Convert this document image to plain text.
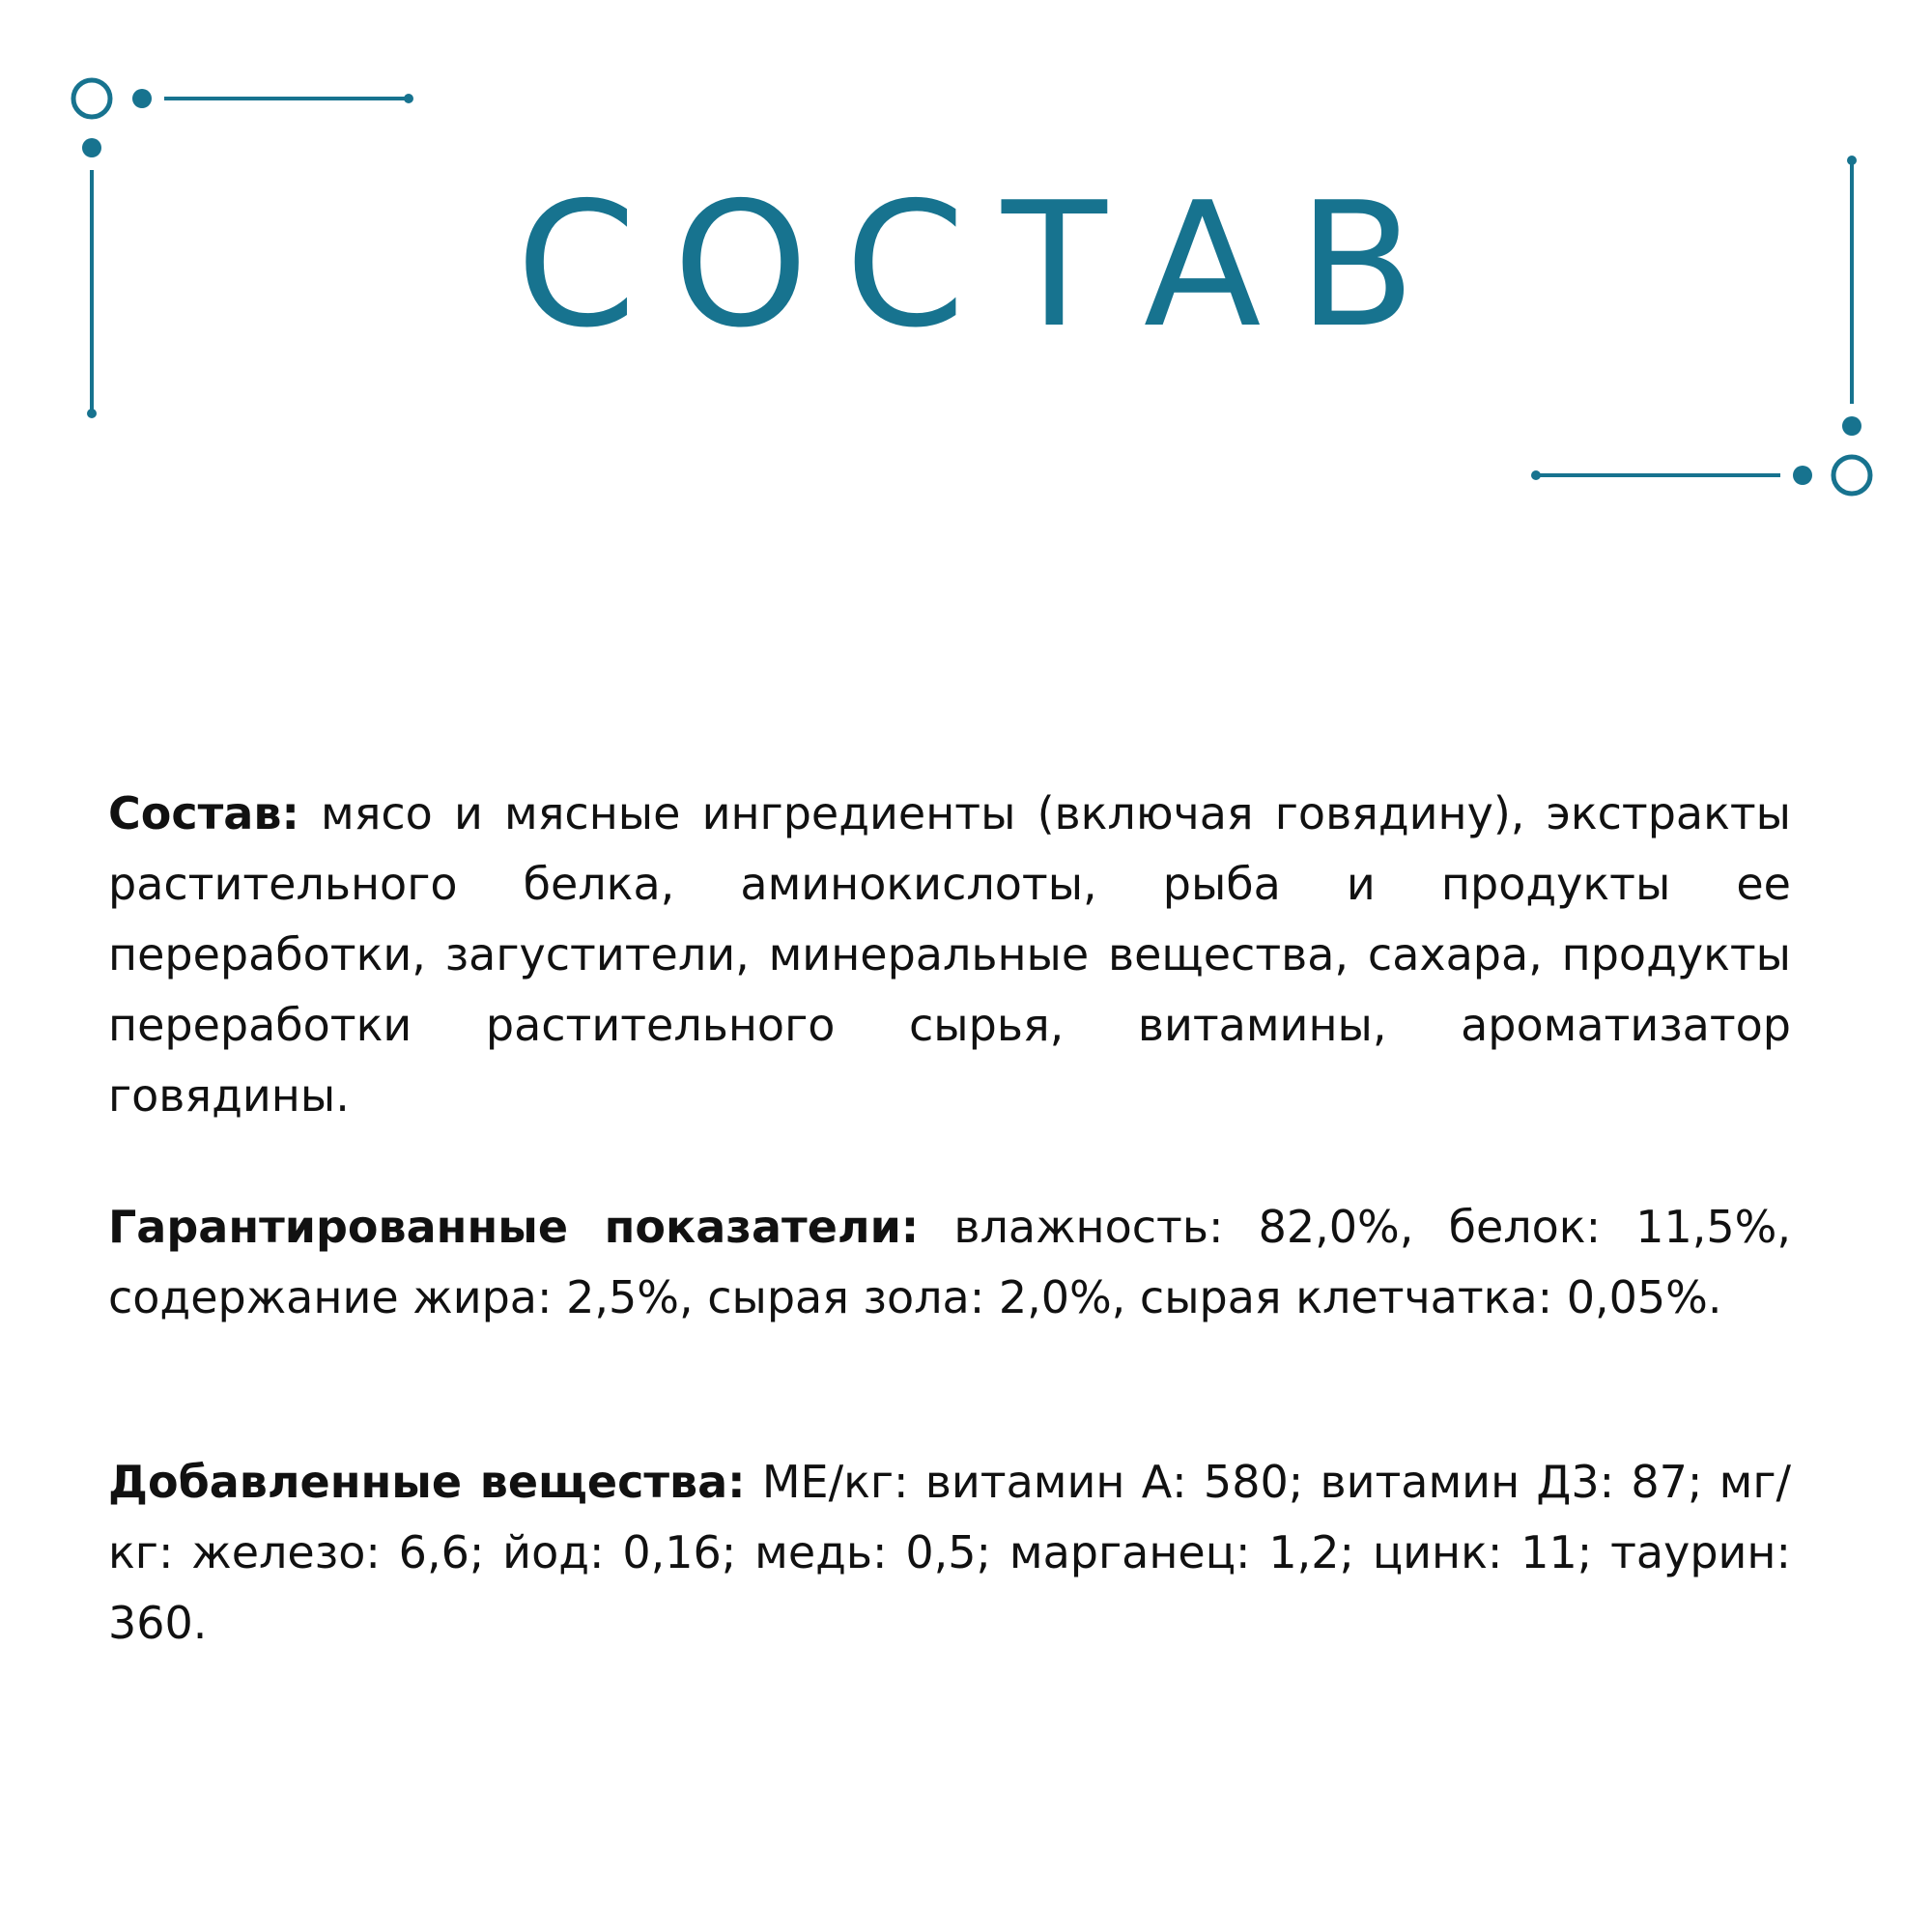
СОСТАВ

Состав: мясо и мясные ингредиенты (включая говядину), экстракты растительного белка, аминокислоты, рыба и продукты ее переработки, загустители, минеральные вещества, сахара, продукты переработки растительного сырья, витамины, ароматизатор говядины.

Гарантированные показатели: влажность: 82,0%, белок: 11,5%, содержание жира: 2,5%, сырая зола: 2,0%, сырая клетчатка: 0,05%.

Добавленные вещества: МЕ/кг: витамин А: 580; витамин Д3: 87; мг/кг: железо: 6,6; йод: 0,16; медь: 0,5; марганец: 1,2; цинк: 11; таурин: 360.
